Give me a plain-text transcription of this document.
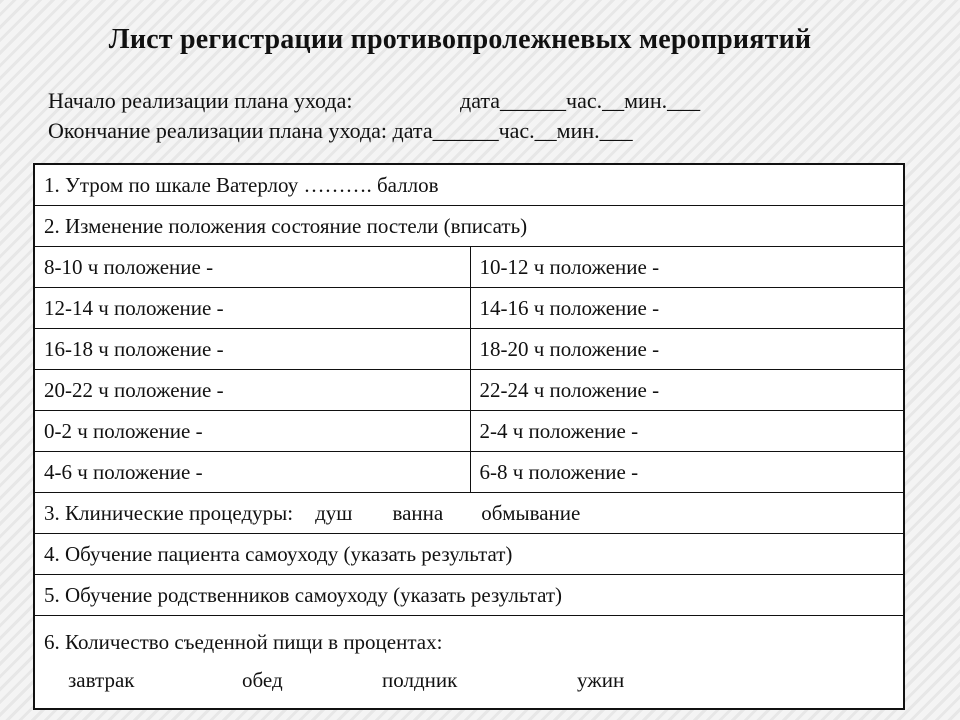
Лист регистрации противопролежневых мероприятий
Начало реализации плана ухода:	дата______час.__мин.___
Окончание реализации плана ухода: дата______час.__мин.___
1. Утром по шкале Ватерлоу ………. баллов	
2. Изменение положения состояние постели (вписать)	
8-10 ч положение -	10-12 ч положение -
12-14 ч положение -	14-16 ч положение -
16-18 ч положение -	18-20 ч положение -
20-22 ч положение -	22-24 ч положение -
0-2 ч положение -	2-4 ч положение -
4-6 ч положение -	6-8 ч положение -
3. Клинические процедуры: душ ванна обмывание	
4. Обучение пациента самоуходу (указать результат)	
5. Обучение родственников самоуходу (указать результат)	

6. Количество съеденной пищи в процентах:
завтрак обед полдник ужин	
